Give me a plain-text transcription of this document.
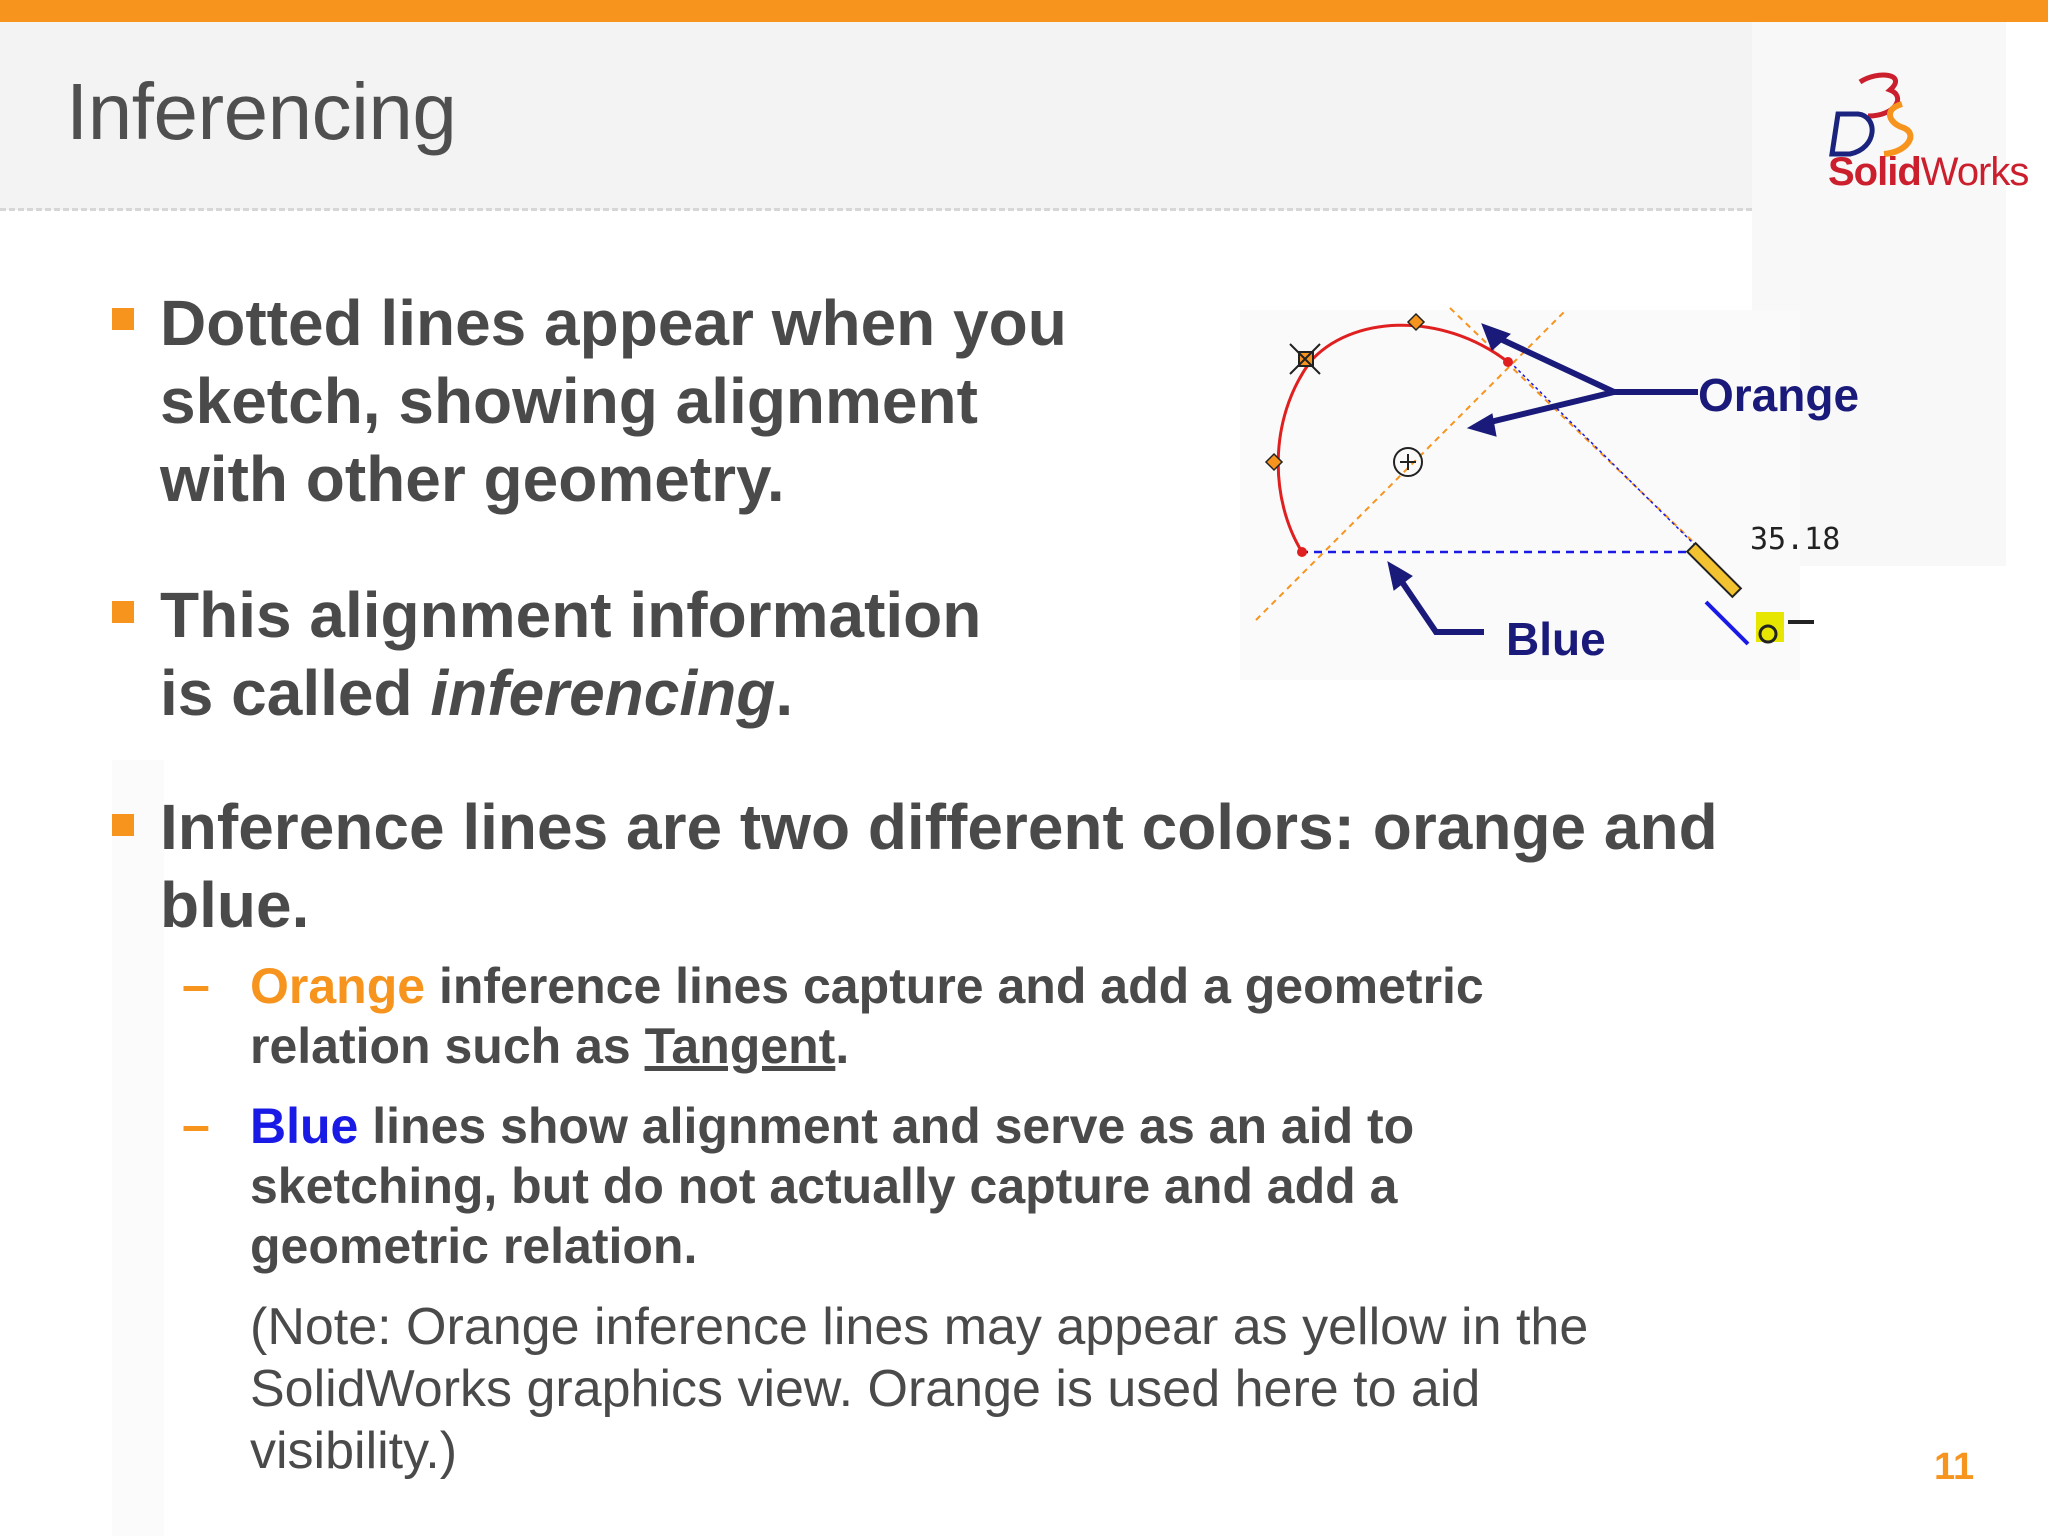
Inferencing
SolidWorks

Dotted lines appear when you

sketch, showing alignment

with other geometry.

This alignment information

is called inferencing.

Inference lines are two different colors: orange and

blue.

– Orange inference lines capture and add a geometric

relation such as Tangent.

– Blue lines show alignment and serve as an aid to

sketching, but do not actually capture and add a

geometric relation.

(Note: Orange inference lines may appear as yellow in the

SolidWorks graphics view. Orange is used here to aid

visibility.)	11

Orange

Blue

35.18
